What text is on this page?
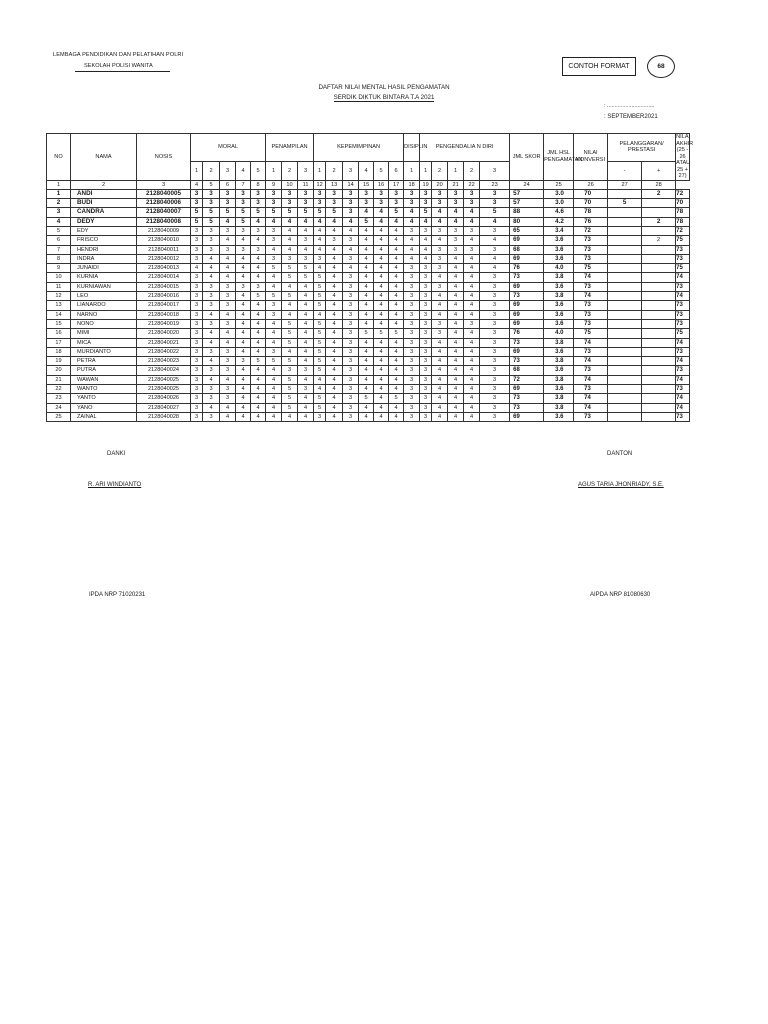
LEMBAGA PENDIDIKAN DAN PELATIHAN POLRI
SEKOLAH POLISI WANITA	CONTOH FORMAT	68
DAFTAR NILAI MENTAL HASIL PENGAMATAN
SERDIK DIKTUK BINTARA T.A 2021
: ...............................
: SEPTEMBER2021
NO	NAMA	NOSIS	MORAL					PENAMPILAN			KEPEMIMPINAN						DISIPLIN	PENGENDALIA N DIRI					JML SKOR	JML HSL PENGAMATAN	NILAI KONVERSI	PELANGGARAN/ PRESTASI		NILAI AKHIR (25 - 26 ATAU 25 + 27)
			1	2	3	4	5	1	2	3	1	2	3	4	5	6	1	1	2	1	2	3				-	+	
1	2	3	4	5	6	7	8	9	10	11	12	13	14	15	16	17	18	19	20	21	22	23	24	25	26	27	28	
1	ANDI	2128040005	3	3	3	3	3	3	3	3	3	3	3	3	3	3	3	3	3	3	3	3	57	3.0	70		2	72
2	BUDI	2128040006	3	3	3	3	3	3	3	3	3	3	3	3	3	3	3	3	3	3	3	3	57	3.0	70	5		70
3	CANDRA	2128040007	5	5	5	5	5	5	5	5	5	5	3	4	4	5	4	5	4	4	4	5	88	4.6	78			78
4	DEDY	2128040008	5	5	4	5	4	4	4	4	4	4	4	5	4	4	4	4	4	4	4	4	80	4.2	76		2	78
5	EDY	2128040009	3	3	3	3	3	3	4	4	4	4	4	4	4	4	3	3	3	3	3	3	65	3.4	72			72
6	FRISCO	2128040010	3	3	4	4	4	3	4	3	4	3	3	4	4	4	4	4	4	3	4	4	69	3.6	73		2	75
7	HENDRI	2128040011	3	3	3	3	3	4	4	4	4	4	4	4	4	4	4	4	3	3	3	3	68	3.6	73			73
8	INDRA	2128040012	3	4	4	4	4	3	3	3	3	4	3	4	4	4	4	4	3	4	4	4	69	3.6	73			73
9	JUNAIDI	2128040013	4	4	4	4	4	5	5	5	4	4	4	4	4	4	3	3	3	4	4	4	76	4.0	75			75
10	KURNIA	2128040014	3	4	4	4	4	4	5	5	5	4	3	4	4	4	3	3	4	4	4	3	73	3.8	74			74
11	KURNIAWAN	2128040015	3	3	3	3	3	4	4	4	5	4	3	4	4	4	3	3	3	4	4	3	69	3.6	73			73
12	LEO	2128040016	3	3	3	4	5	5	5	4	5	4	3	4	4	4	3	3	4	4	4	3	73	3.8	74			74
13	LIANARDO	2128040017	3	3	3	4	4	3	4	4	5	4	3	4	4	4	3	3	4	4	4	3	69	3.6	73			73
14	NARNO	2128040018	3	4	4	4	4	3	4	4	4	4	3	4	4	4	3	3	4	4	4	3	69	3.6	73			73
15	NONO	2128040019	3	3	3	4	4	4	5	4	5	4	3	4	4	4	3	3	3	4	3	3	69	3.6	73			73
16	MIMI	2128040020	3	4	4	4	4	4	5	4	5	4	3	5	5	5	3	3	3	4	4	3	76	4.0	75			75
17	MICA	2128040021	3	4	4	4	4	4	5	4	5	4	3	4	4	4	3	3	4	4	4	3	73	3.8	74			74
18	MURDIANTO	2128040022	3	3	3	4	4	3	4	4	5	4	3	4	4	4	3	3	4	4	4	3	69	3.6	73			73
19	PETRA	2128040023	3	4	3	3	5	5	5	4	5	4	3	4	4	4	3	3	4	4	4	3	73	3.8	74			74
20	PUTRA	2128040024	3	3	3	4	4	4	3	3	5	4	3	4	4	4	3	3	4	4	4	3	68	3.6	73			73
21	WAWAN	2128040025	3	4	4	4	4	4	5	4	4	4	3	4	4	4	3	3	4	4	4	3	72	3.8	74			74
22	WANTO	2128040025	3	3	3	4	4	4	5	3	4	4	3	4	4	4	3	3	4	4	4	3	69	3.6	73			73
23	YANTO	2128040026	3	3	3	4	4	4	5	4	5	4	3	5	4	5	3	3	4	4	4	3	73	3.8	74			74
24	YANO	2128040027	3	4	4	4	4	4	5	4	5	4	3	4	4	4	3	3	4	4	4	3	73	3.8	74			74
25	ZAINAL	2128040028	3	3	4	4	4	4	4	4	3	4	3	4	4	4	3	3	4	4	4	3	69	3.6	73			73
DANKI	DANTON
R. ARI WINDIANTO	AGUS TARIA JHONRIADY, S.E.
IPDA NRP 71020231	AIPDA NRP 81080630
